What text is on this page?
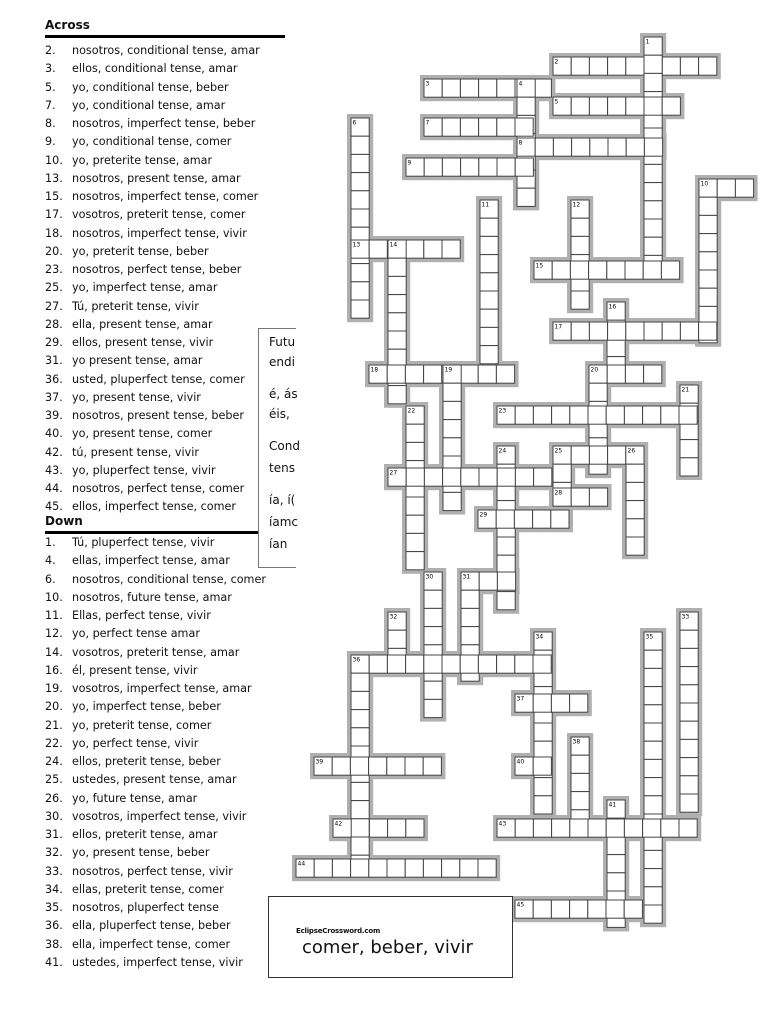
Across
2.	nosotros, conditional tense, amar
3.	ellos, conditional tense, amar
5.	yo, conditional tense, beber
7.	yo, conditional tense, amar
8.	nosotros, imperfect tense, beber
9.	yo, conditional tense, comer
10. yo, preterite tense, amar
13. nosotros, present tense, amar
15. nosotros, imperfect tense, comer
17. vosotros, preterit tense, comer
18. nosotros, imperfect tense, vivir
20. yo, preterit tense, beber
23. nosotros, perfect tense, beber
25. yo, imperfect tense, amar
27. Tú, preterit tense, vivir
28. ella, present tense, amar
29. ellos, present tense, vivir
31. yo present tense, amar
36. usted, pluperfect tense, comer
37. yo, present tense, vivir
39. nosotros, present tense, beber
40. yo, present tense, comer
42. tú, present tense, vivir
43. yo, pluperfect tense, vivir
44. nosotros, perfect tense, comer
45. ellos, imperfect tense, comer
Down
1.	Tú, pluperfect tense, vivir
4.	ellas, imperfect tense, amar
6.	nosotros, conditional tense, comer
10. nosotros, future tense, amar
11. Ellas, perfect tense, vivir
12. yo, perfect tense amar
14. vosotros, preterit tense, amar
16. él, present tense, vivir
19. vosotros, imperfect tense, amar
20. yo, imperfect tense, beber
21. yo, preterit tense, comer
22. yo, perfect tense, vivir
24. ellos, preterit tense, beber
25. ustedes, present tense, amar
26. yo, future tense, amar
30. vosotros, imperfect tense, vivir
31. ellos, preterit tense, amar
32. yo, present tense, beber
33. nosotros, perfect tense, vivir
34. ellas, preterit tense, comer
35. nosotros, pluperfect tense
36. ella, pluperfect tense, beber
38. ella, imperfect tense, comer
41. ustedes, imperfect tense, vivir
2
1
3	4
5
6	7
8
9
10
11	12
13	14
15
16
17
18	19	20
21
22	23
24	25	26
27
28
29
30	31
32	33
34	35
36
37
38
39	40
41
42	43
44
45
Futu
endi
é, ás
éis,
Cond
tens
ía, í(
íamc
ían
EclipseCrossword.com
comer, beber, vivir
